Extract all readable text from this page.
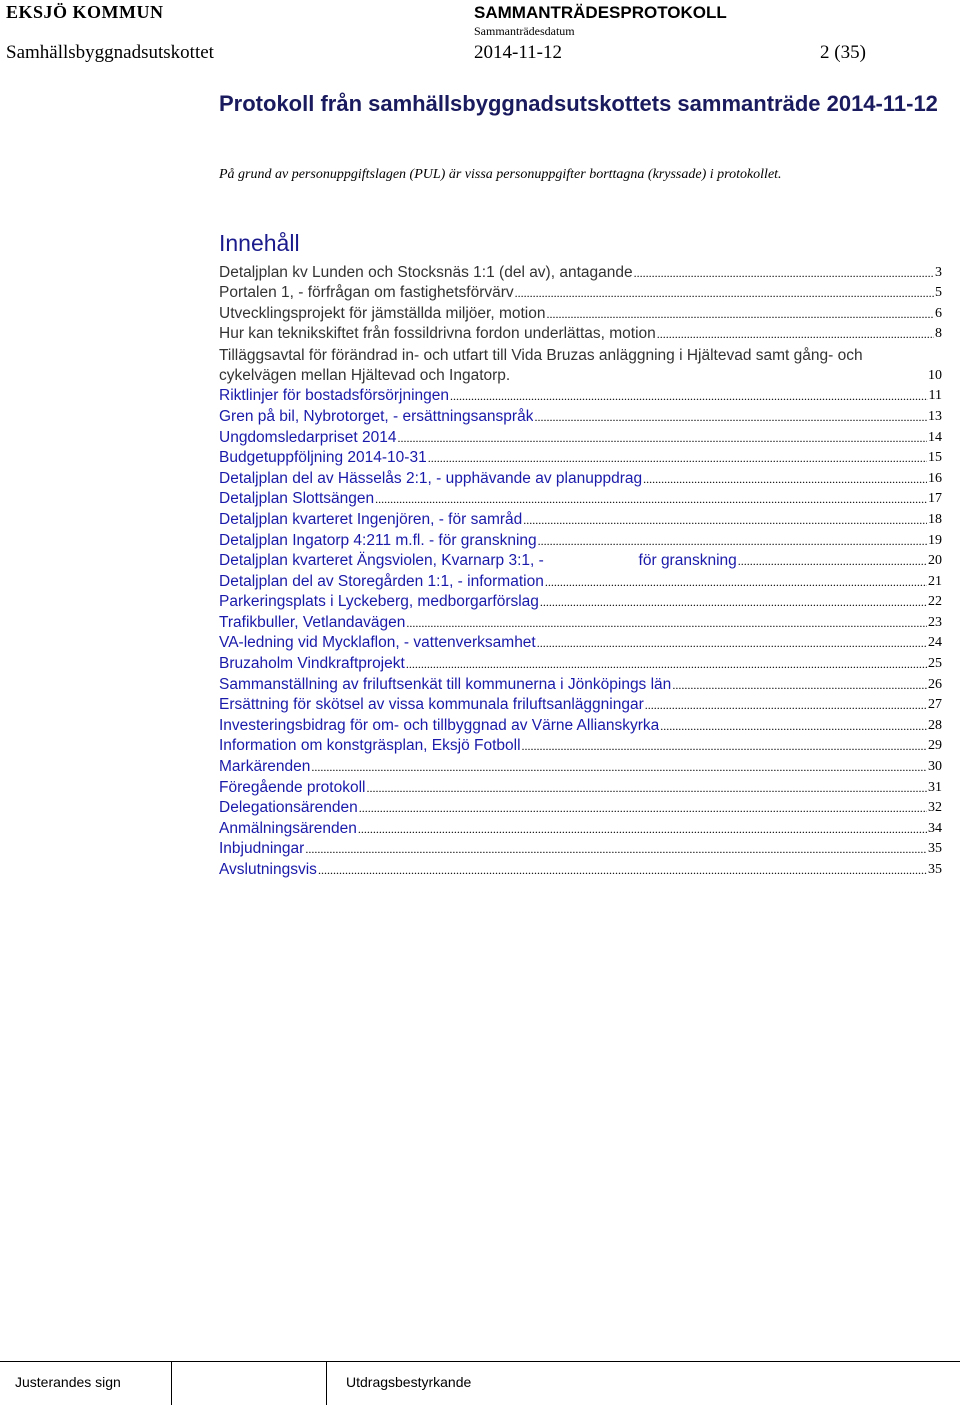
EKSJÖ KOMMUN	SAMMANTRÄDESPROTOKOLL
Sammanträdesdatum
Samhällsbyggnadsutskottet	2014-11-12	2 (35)
Protokoll från samhällsbyggnadsutskottets sammanträde 2014-11-12
På grund av personuppgiftslagen (PUL) är vissa personuppgifter borttagna (kryssade) i protokollet.
Innehåll
Detaljplan kv Lunden och Stocksnäs 1:1 (del av), antagande .....	3
Portalen 1, - förfrågan om fastighetsförvärv .....	5
Utvecklingsprojekt för jämställda miljöer, motion .....	6
Hur kan teknikskiftet från fossildrivna fordon underlättas, motion .....	8
Tilläggsavtal för förändrad in- och utfart till Vida Bruzas anläggning i Hjältevad samt gång- och cykelvägen mellan Hjältevad och Ingatorp.	10
Riktlinjer för bostadsförsörjningen .....	11
Gren på bil, Nybrotorget, - ersättningsanspråk .....	13
Ungdomsledarpriset 2014 .....	14
Budgetuppföljning 2014-10-31 .....	15
Detaljplan del av Hässelås 2:1, - upphävande av planuppdrag .....	16
Detaljplan Slottsängen .....	17
Detaljplan kvarteret Ingenjören, - för samråd .....	18
Detaljplan Ingatorp 4:211 m.fl. - för granskning .....	19
Detaljplan kvarteret Ängsviolen, Kvarnarp 3:1, -                      för granskning .....	20
Detaljplan del av Storegården 1:1, - information .....	21
Parkeringsplats i Lyckeberg, medborgarförslag .....	22
Trafikbuller, Vetlandavägen .....	23
VA-ledning vid Mycklaflon, - vattenverksamhet .....	24
Bruzaholm Vindkraftprojekt .....	25
Sammanställning av friluftsenkät till kommunerna i Jönköpings län .....	26
Ersättning för skötsel av vissa kommunala friluftsanläggningar .....	27
Investeringsbidrag för om- och tillbyggnad av Värne Allianskyrka .....	28
Information om konstgräsplan, Eksjö Fotboll .....	29
Markärenden .....	30
Föregående protokoll .....	31
Delegationsärenden .....	32
Anmälningsärenden .....	34
Inbjudningar .....	35
Avslutningsvis .....	35
Justerandes sign	Utdragsbestyrkande
